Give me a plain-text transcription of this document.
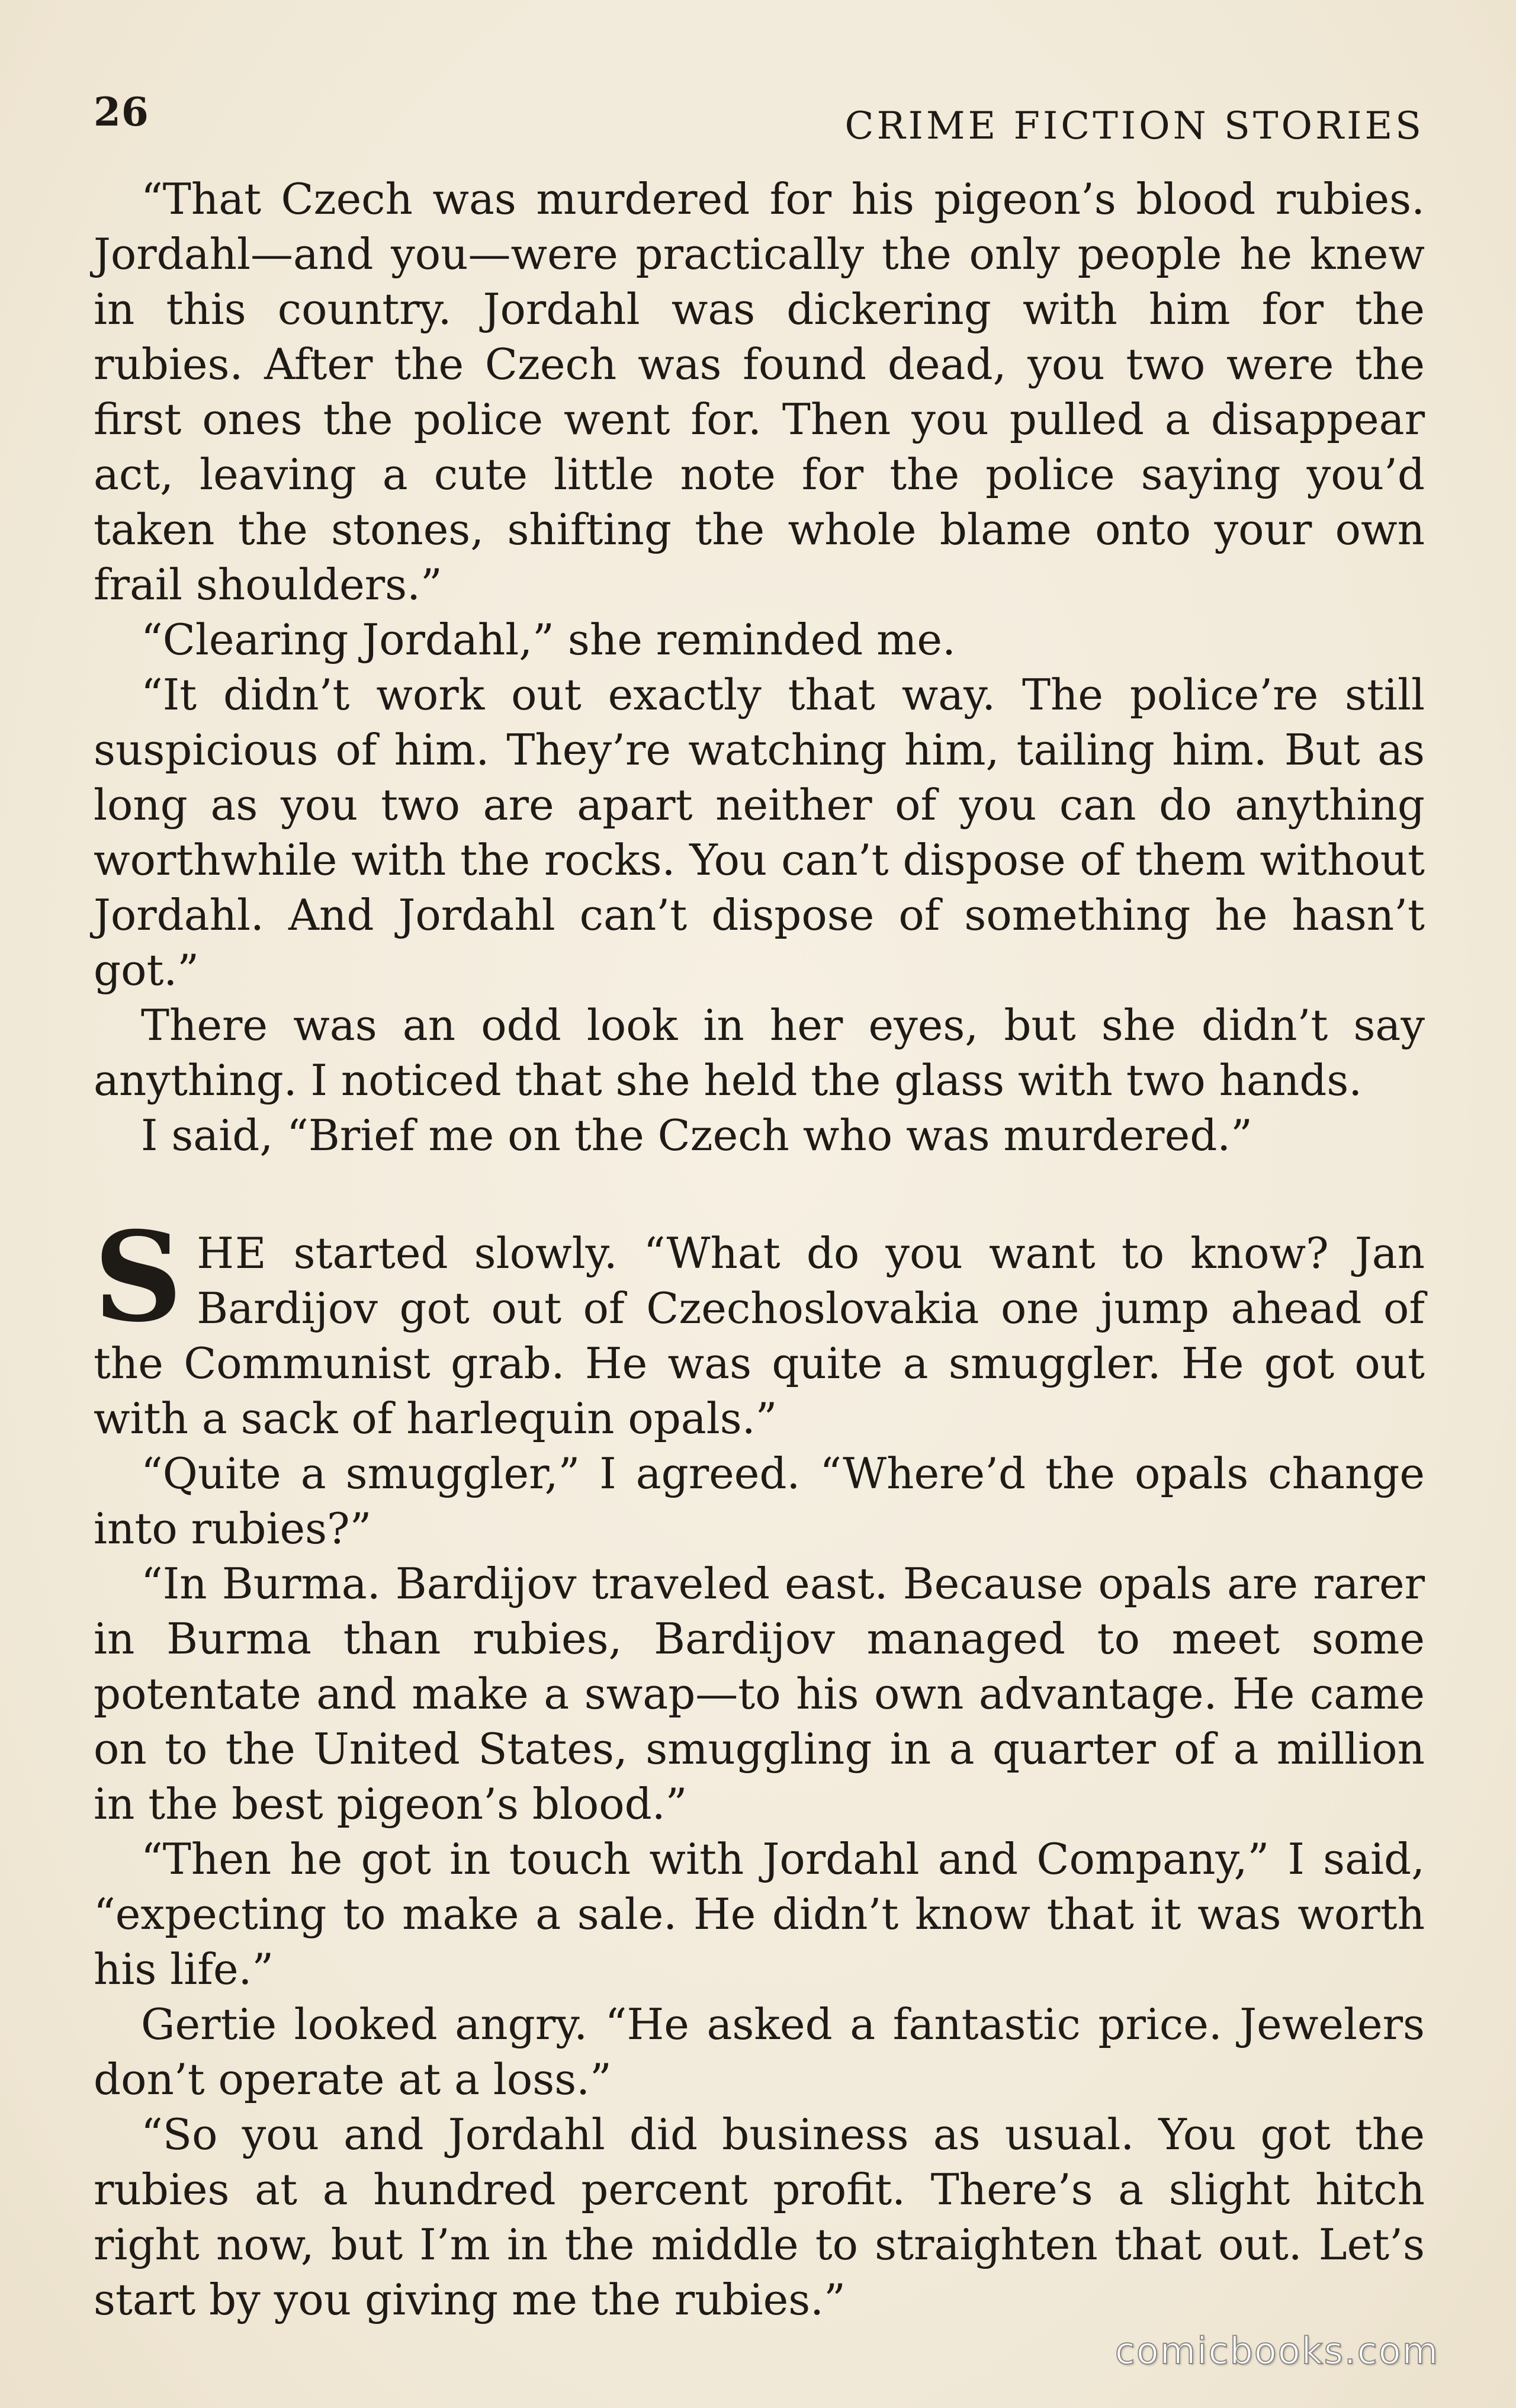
26	CRIME FICTION STORIES

“That Czech was murdered for his pigeon’s blood rubies. Jordahl—and you—were practically the only people he knew in this country. Jordahl was dickering with him for the rubies. After the Czech was found dead, you two were the first ones the police went for. Then you pulled a disappear act, leaving a cute little note for the police saying you’d taken the stones, shifting the whole blame onto your own frail shoulders.”

“Clearing Jordahl,” she reminded me.

“It didn’t work out exactly that way. The police’re still suspicious of him. They’re watching him, tailing him. But as long as you two are apart neither of you can do anything worthwhile with the rocks. You can’t dispose of them without Jordahl. And Jordahl can’t dispose of something he hasn’t got.”

There was an odd look in her eyes, but she didn’t say anything. I noticed that she held the glass with two hands.

I said, “Brief me on the Czech who was murdered.”

SHE started slowly. “What do you want to know? Jan Bardijov got out of Czechoslovakia one jump ahead of the Communist grab. He was quite a smuggler. He got out with a sack of harlequin opals.”

“Quite a smuggler,” I agreed. “Where’d the opals change into rubies?”

“In Burma. Bardijov traveled east. Because opals are rarer in Burma than rubies, Bardijov managed to meet some potentate and make a swap—to his own advantage. He came on to the United States, smuggling in a quarter of a million in the best pigeon’s blood.”

“Then he got in touch with Jordahl and Company,” I said, “expecting to make a sale. He didn’t know that it was worth his life.”

Gertie looked angry. “He asked a fantastic price. Jewelers don’t operate at a loss.”

“So you and Jordahl did business as usual. You got the rubies at a hundred percent profit. There’s a slight hitch right now, but I’m in the middle to straighten that out. Let’s start by you giving me the rubies.”

comicbooks.com
